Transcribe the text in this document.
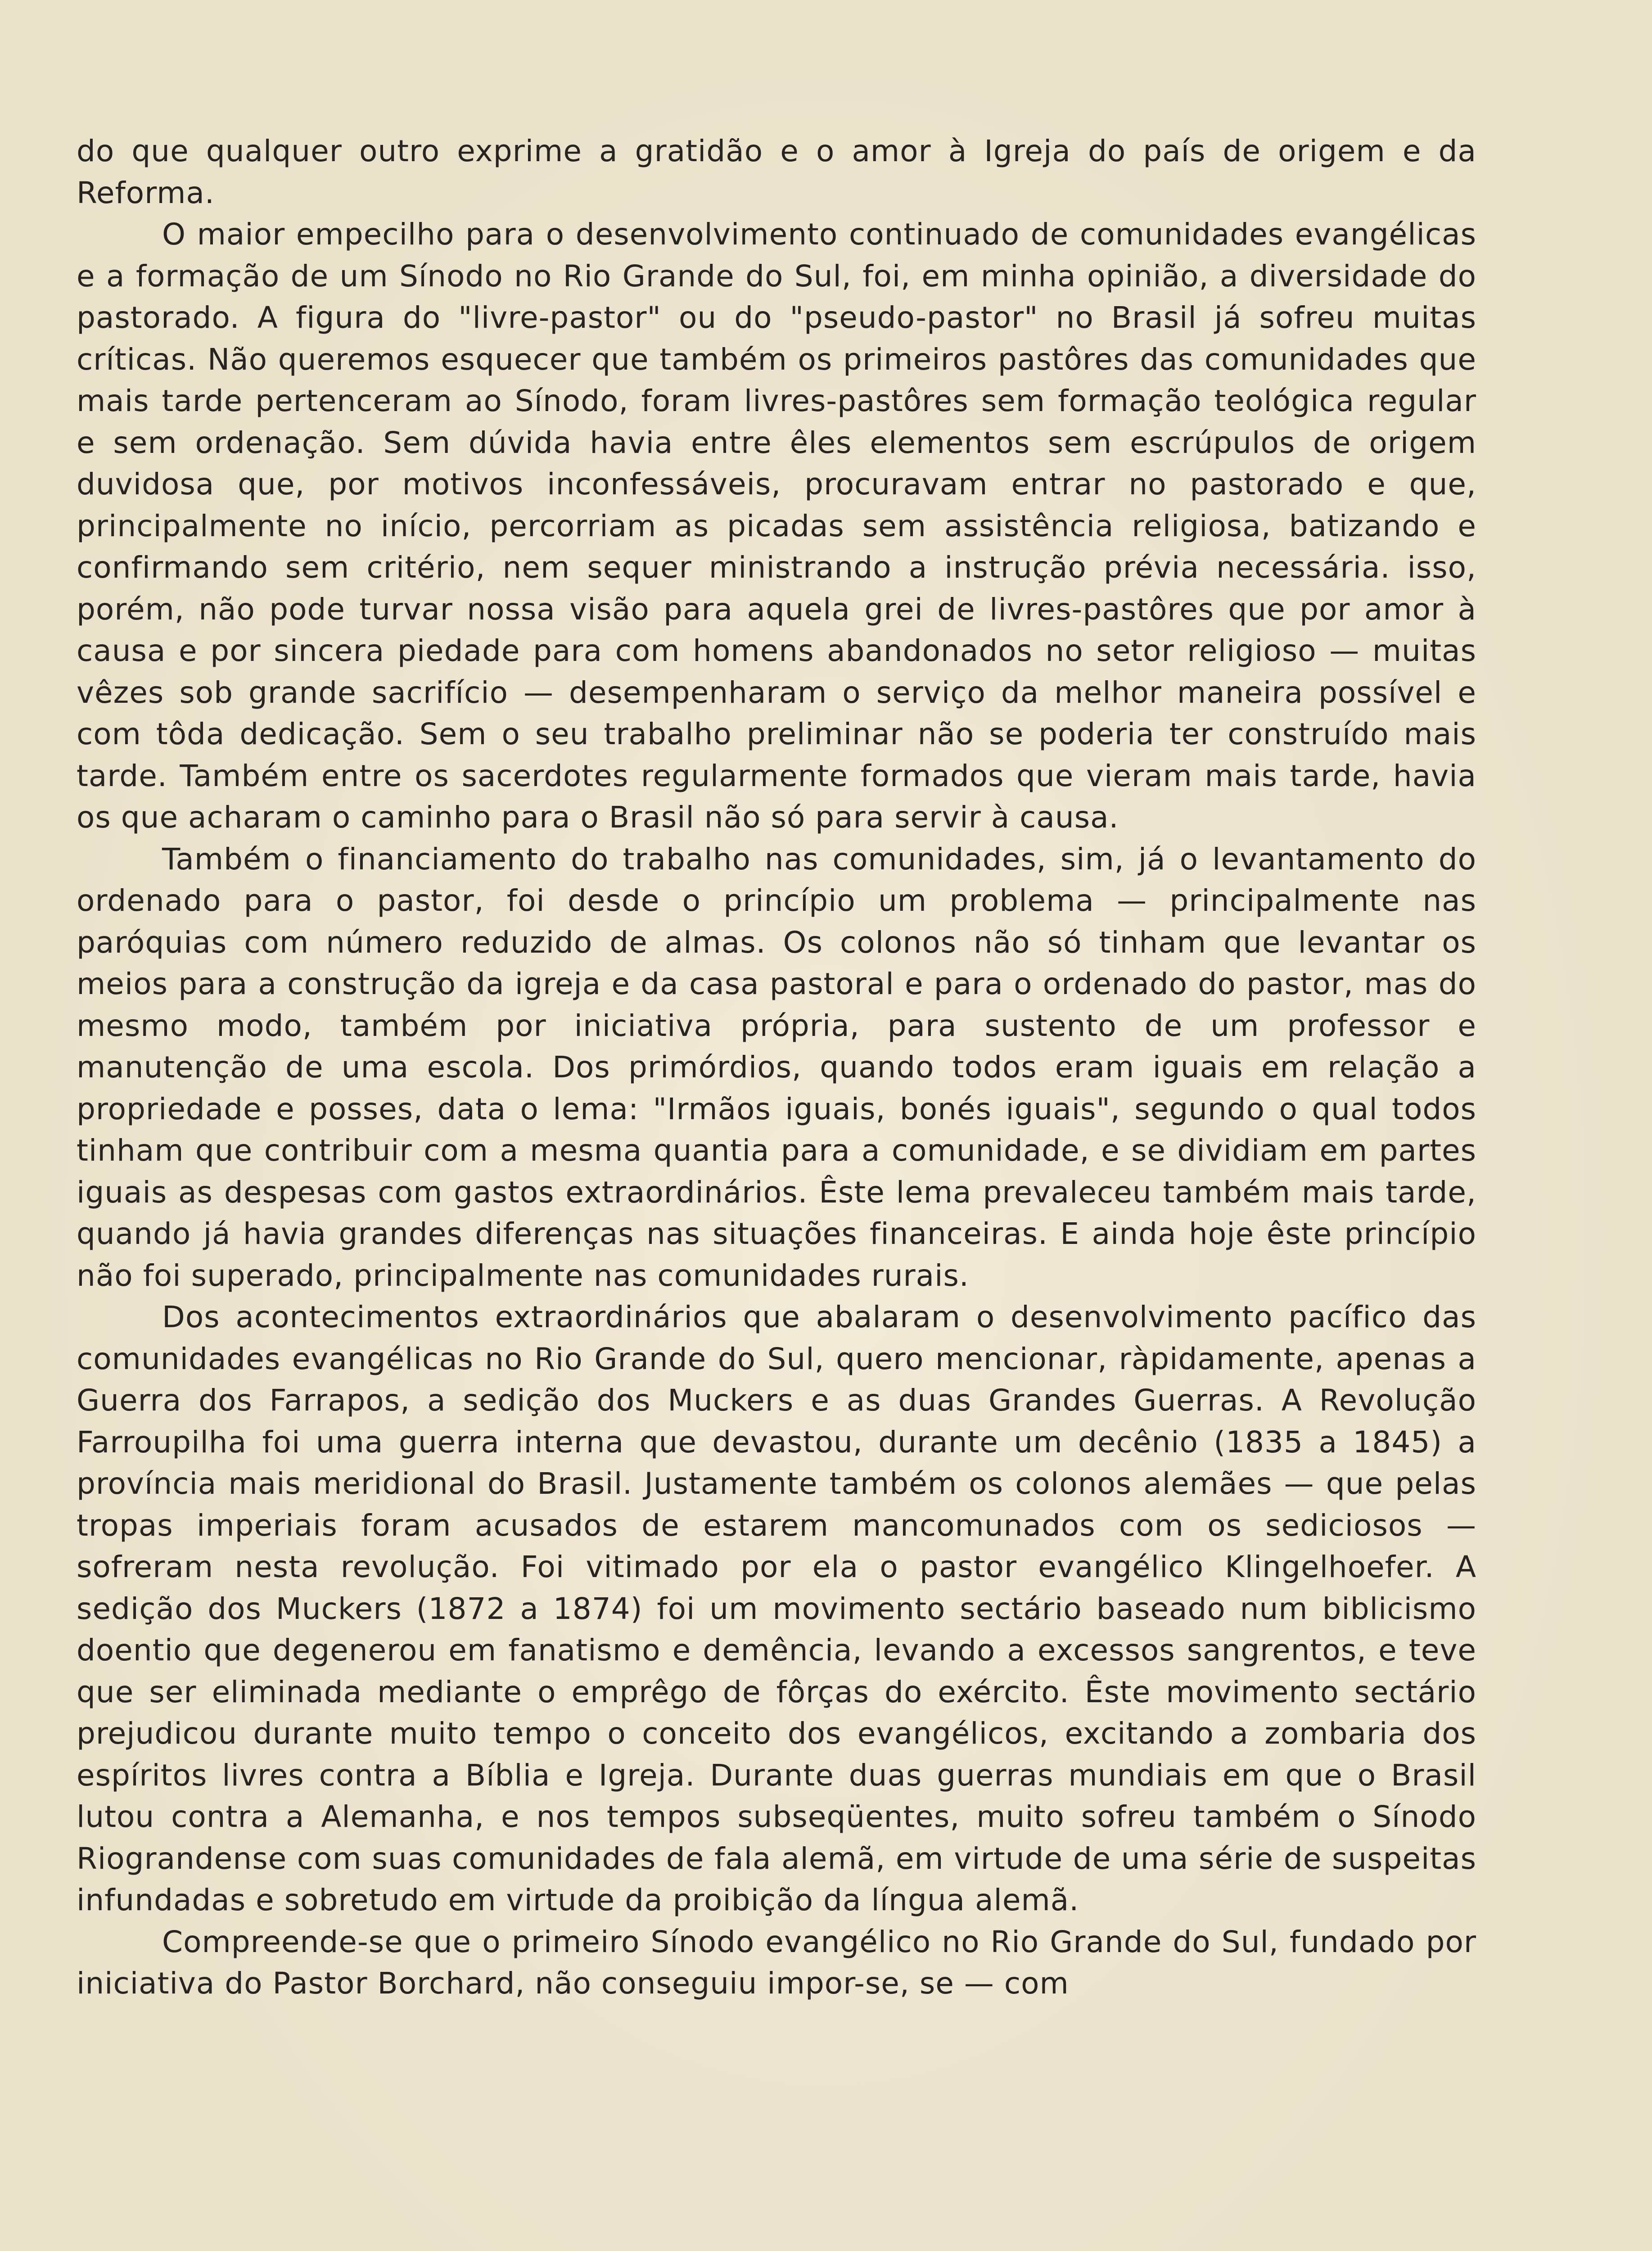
do que qualquer outro exprime a gratidão e o amor à Igreja do país de origem e da Reforma.

O maior empecilho para o desenvolvimento continuado de comunidades evangélicas e a formação de um Sínodo no Rio Grande do Sul, foi, em minha opinião, a diversidade do pastorado. A figura do "livre-pastor" ou do "pseudo-pastor" no Brasil já sofreu muitas críticas. Não queremos esquecer que também os primeiros pastôres das comunidades que mais tarde pertenceram ao Sínodo, foram livres-pastôres sem formação teológica regular e sem ordenação. Sem dúvida havia entre êles elementos sem escrúpulos de origem duvidosa que, por motivos inconfessáveis, procuravam entrar no pastorado e que, principalmente no início, percorriam as picadas sem assistência religiosa, batizando e confirmando sem critério, nem sequer ministrando a instrução prévia necessária. isso, porém, não pode turvar nossa visão para aquela grei de livres-pastôres que por amor à causa e por sincera piedade para com homens abandonados no setor religioso — muitas vêzes sob grande sacrifício — desempenharam o serviço da melhor maneira possível e com tôda dedicação. Sem o seu trabalho preliminar não se poderia ter construído mais tarde. Também entre os sacerdotes regularmente formados que vieram mais tarde, havia os que acharam o caminho para o Brasil não só para servir à causa.

Também o financiamento do trabalho nas comunidades, sim, já o levantamento do ordenado para o pastor, foi desde o princípio um problema — principalmente nas paróquias com número reduzido de almas. Os colonos não só tinham que levantar os meios para a construção da igreja e da casa pastoral e para o ordenado do pastor, mas do mesmo modo, também por iniciativa própria, para sustento de um professor e manutenção de uma escola. Dos primórdios, quando todos eram iguais em relação a propriedade e posses, data o lema: "Irmãos iguais, bonés iguais", segundo o qual todos tinham que contribuir com a mesma quantia para a comunidade, e se dividiam em partes iguais as despesas com gastos extraordinários. Êste lema prevaleceu também mais tarde, quando já havia grandes diferenças nas situações financeiras. E ainda hoje êste princípio não foi superado, principalmente nas comunidades rurais.

Dos acontecimentos extraordinários que abalaram o desenvolvimento pacífico das comunidades evangélicas no Rio Grande do Sul, quero mencionar, ràpidamente, apenas a Guerra dos Farrapos, a sedição dos Muckers e as duas Grandes Guerras. A Revolução Farroupilha foi uma guerra interna que devastou, durante um decênio (1835 a 1845) a província mais meridional do Brasil. Justamente também os colonos alemães — que pelas tropas imperiais foram acusados de estarem mancomunados com os sediciosos — sofreram nesta revolução. Foi vitimado por ela o pastor evangélico Klingelhoefer. A sedição dos Muckers (1872 a 1874) foi um movimento sectário baseado num biblicismo doentio que degenerou em fanatismo e demência, levando a excessos sangrentos, e teve que ser eliminada mediante o emprêgo de fôrças do exército. Êste movimento sectário prejudicou durante muito tempo o conceito dos evangélicos, excitando a zombaria dos espíritos livres contra a Bíblia e Igreja. Durante duas guerras mundiais em que o Brasil lutou contra a Alemanha, e nos tempos subseqüentes, muito sofreu também o Sínodo Riograndense com suas comunidades de fala alemã, em virtude de uma série de suspeitas infundadas e sobretudo em virtude da proibição da língua alemã.

Compreende-se que o primeiro Sínodo evangélico no Rio Grande do Sul, fundado por iniciativa do Pastor Borchard, não conseguiu impor-se, se — com
